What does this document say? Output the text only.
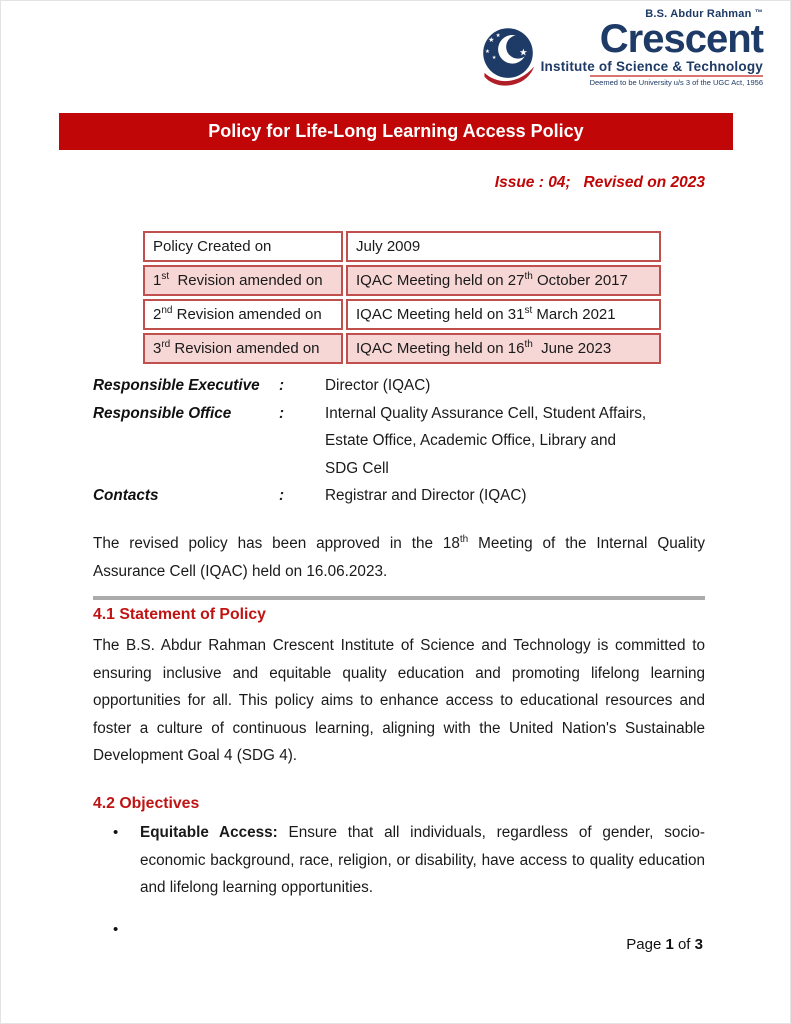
★
★
★
★
★
B.S. Abdur Rahman ™
Crescent
Institute of Science & Technology
Deemed to be University u/s 3 of the UGC Act, 1956
Policy for Life-Long Learning Access Policy
Issue : 04;   Revised on 2023
Policy Created on	July 2009
1st  Revision amended on	IQAC Meeting held on 27th October 2017
2nd Revision amended on	IQAC Meeting held on 31st March 2021
3rd Revision amended on	IQAC Meeting held on 16th  June 2023
Responsible Executive	:	Director (IQAC)
Responsible Office	:	Internal Quality Assurance Cell, Student Affairs,
Estate Office, Academic Office, Library and
SDG Cell
Contacts	:	Registrar and Director (IQAC)
The revised policy has been approved in the 18th Meeting of the Internal Quality Assurance Cell (IQAC) held on 16.06.2023.
4.1 Statement of Policy
The B.S. Abdur Rahman Crescent Institute of Science and Technology is committed to ensuring inclusive and equitable quality education and promoting lifelong learning opportunities for all. This policy aims to enhance access to educational resources and foster a culture of continuous learning, aligning with the United Nation's Sustainable Development Goal 4 (SDG 4).
4.2 Objectives
•	Equitable Access: Ensure that all individuals, regardless of gender, socio-economic background, race, religion, or disability, have access to quality education and lifelong learning opportunities.
•
Page 1 of 3
